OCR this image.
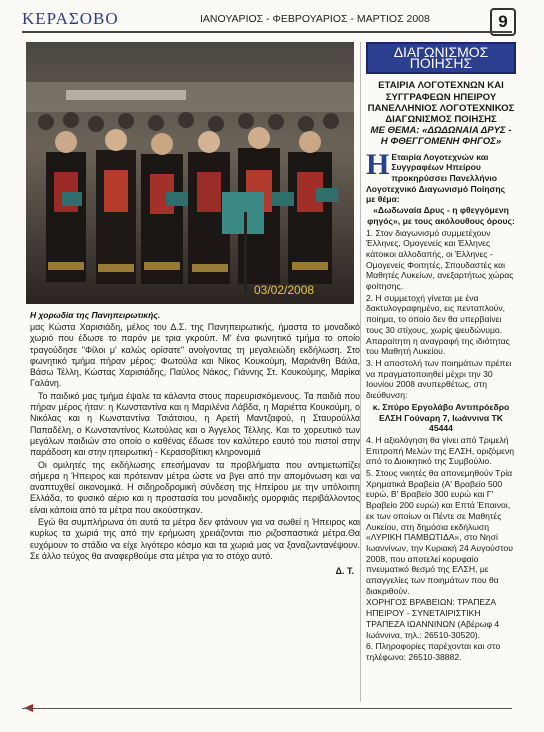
ΚΕΡΑΣΟΒΟ	ΙΑΝΟΥΑΡΙΟΣ - ΦΕΒΡΟΥΑΡΙΟΣ - ΜΑΡΤΙΟΣ 2008	9
03/02/2008
Η χορωδία της Πανηπειρωτικής.

μας Κώστα Χαρισιάδη, μέλος του Δ.Σ. της Πανηπειρωτικής, ήμαστα το μοναδικό χωριό που έδωσε το παρόν με τρια γκρούπ. Μ' ένα φωνητικό τμήμα το οποίο τραγούδησε "Φίλοι μ' καλώς ορίσατε" ανοίγοντας τη μεγαλειώδη εκδήλωση. Στο φωνητικό τμήμα πήραν μέρος: Φωτούλα και Νίκος Κουκούμη, Μαριάνθη Βάιλα, Βάσω Τέλλη, Κώστας Χαρισιάδης, Παύλος Νάκος, Γιάννης Στ. Κουκούμης, Μαρίκα Γαλάνη.

Το παιδικό μας τμήμα έψαλε τα κάλαντα στους παρευρισκόμενους. Τα παιδιά που πήραν μέρος ήταν: η Κωνσταντίνα και η Μαριλένα Λάβδα, η Μαριέττα Κουκούμη, ο Νικόλας και η Κωνσταντίνα Τσιάτσιου, η Αρετή Μαντζαφού, η Σταυρούλλα Παπαδέλη, ο Κωνσταντίνος Κωτούλας και ο Άγγελος Τέλλης. Και το χορευτικό των μεγάλων παιδιών στο οποίο ο καθένας έδωσε τον καλύτερο εαυτό του πιστοί στην παράδοση και στην ηπειρωτική - Κερασοβίτικη κληρονομιά

Οι ομιλητές της εκδήλωσης επεσήμαναν τα προβλήματα που αντιμετωπίζει σήμερα η Ήπειρος και πρότειναν μέτρα ώστε να βγει από την απομόνωση και να αναπτυχθεί οικονομικά. Η σιδηροδρομική σύνδεση της Ηπείρου με την υπόλοιπη Ελλάδα, το φυσικό αέριο και η προστασία του μοναδικής ομορφιάς περιβάλλοντος είναι κάποια από τα μέτρα που ακούστηκαν.

Εγώ θα συμπλήρωνα ότι αυτά τα μέτρα δεν φτάνουν για να σωθεί η Ήπειρος και κυρίως τα χωριά της από την ερήμωση χρειάζονται πιο ριζοσπαστικά μέτρα.Θα ευχόμουν το στάδιο να είχε λιγότερο κόσμο και τα χωριά μας να ξαναζωντανέψουν. Σε άλλο τεύχος θα αναφερθούμε στα μέτρα για το στόχο αυτό.

Δ. Τ.
ΔΙΑΓΩΝΙΣΜΟΣ ΠΟΙΗΣΗΣ
ΕΤΑΙΡΙΑ ΛΟΓΟΤΕΧΝΩΝ ΚΑΙ ΣΥΓΓΡΑΦΕΩΝ ΗΠΕΙΡΟΥ ΠΑΝΕΛΛΗΝΙΟΣ ΛΟΓΟΤΕΧΝΙΚΟΣ ΔΙΑΓΩΝΙΣΜΟΣ ΠΟΙΗΣΗΣ
ΜΕ ΘΕΜΑ: «ΔΩΔΩΝΑΙΑ ΔΡΥΣ - Η ΦΘΕΓΓΟΜΕΝΗ ΦΗΓΟΣ»
Η Εταιρία Λογοτεχνών και Συγγραφέων Ηπείρου προκηρύσσει Πανελλήνιο Λογοτεχνικό Διαγωνισμό Ποίησης με θέμα:

«Δωδωναία Δρυς - η φθεγγόμενη φηγός», με τους ακόλουθους όρους:

1. Στον διαγωνισμό συμμετέχουν Έλληνες, Ομογενείς και Έλληνες κάτοικοι αλλοδαπής, οι Έλληνες - Ομογενείς Φοιτητές, Σπουδαστές και Μαθητές Λυκείων, ανεξαρτήτως χώρας φοίτησης.

2. Η συμμετοχή γίνεται με ένα δακτυλογραφημένο, εις πενταπλούν, ποίημα, το οποίο δεν θα υπερβαίνει τους 30 στίχους, χωρίς ψευδώνυμο. Απαραίτητη η αναγραφή της ιδιότητας του Μαθητή Λυκείου.

3. Η αποστολή των ποιημάτων πρέπει να πραγματοποιηθεί μέχρι την 30 Ιουνίου 2008 ανυπερθέτως, στη διεύθυνση:

κ. Σπύρο Εργολάβο Αντιπρόεδρο ΕΛΣΗ Γούναρη 7, Ιωάννινα ΤΚ 45444

4. Η αξιολόγηση θα γίνει από Τριμελή Επιτροπή Μελών της ΕΛΣΗ, οριζόμενη από το Διοικητικό της Συμβούλιο.

5. Στους νικητές θα απονεμηθούν Τρία Χρηματικά Βραβεία (Α' Βραβείο 500 ευρώ, Β' Βραβείο 300 ευρώ και Γ' Βραβείο 200 ευρώ) και Επτά Έπαινοι, εκ των οποίων οι Πέντε σε Μαθητές Λυκείου, στη δημόσια εκδήλωση «ΛΥΡΙΚΗ ΠΑΜΒΩΤΙΔΑ», στο Νησί Ιωαννίνων, την Κυριακή 24 Αυγούστου 2008, που αποτελεί κορυφαίο πνευματικό θεσμό της ΕΛΣΗ, με απαγγελίες των ποιημάτων που θα διακριθούν.

ΧΟΡΗΓΟΣ ΒΡΑΒΕΙΩΝ: ΤΡΑΠΕΖΑ ΗΠΕΙΡΟΥ - ΣΥΝΕΤΑΙΡΙΣΤΙΚΗ ΤΡΑΠΕΖΑ ΙΩΑΝΝΙΝΩΝ (Αβέρωφ 4 Ιωάννινα, τηλ.: 26510-30520).

6. Πληροφορίες παρέχονται και στο τηλέφωνο: 26510-38882.
